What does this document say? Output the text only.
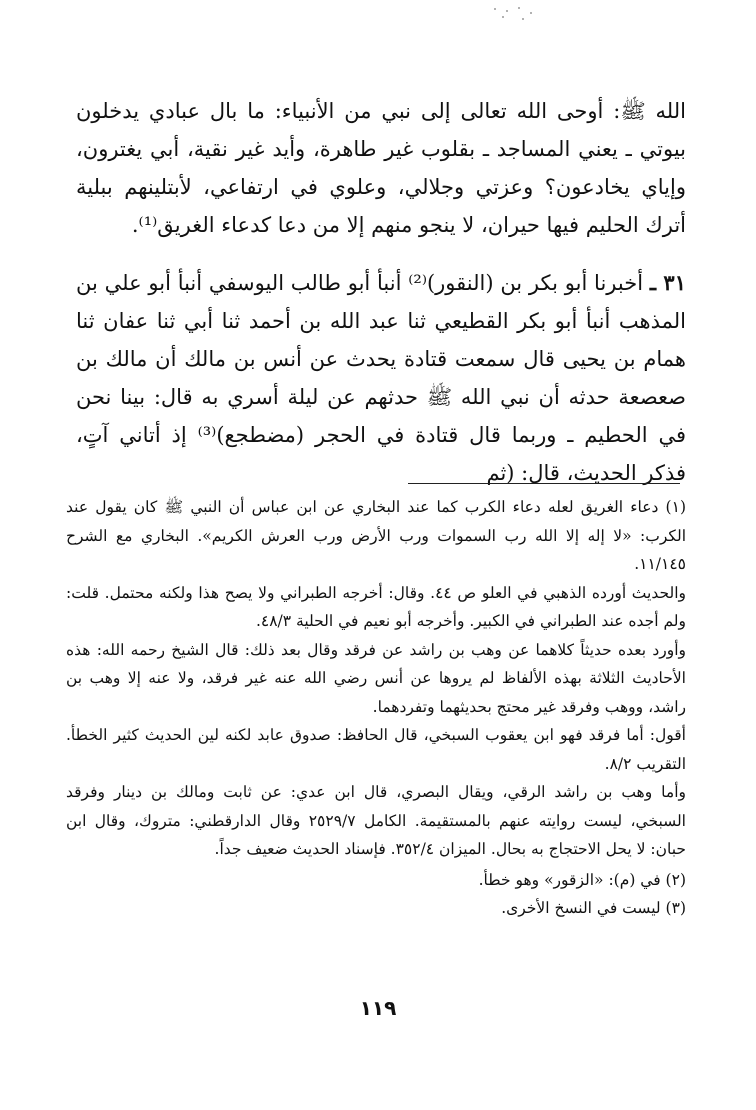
الله ﷺ: أوحى الله تعالى إلى نبي من الأنبياء: ما بال عبادي يدخلون بيوتي ـ يعني المساجد ـ بقلوب غير طاهرة، وأيد غير نقية، أبي يغترون، وإياي يخادعون؟ وعزتي وجلالي، وعلوي في ارتفاعي، لأبتلينهم ببلية أترك الحليم فيها حيران، لا ينجو منهم إلا من دعا كدعاء الغريق⁽¹⁾.

٣١ ـ أخبرنا أبو بكر بن (النقور)⁽²⁾ أنبأ أبو طالب اليوسفي أنبأ أبو علي بن المذهب أنبأ أبو بكر القطيعي ثنا عبد الله بن أحمد ثنا أبي ثنا عفان ثنا همام بن يحيى قال سمعت قتادة يحدث عن أنس بن مالك أن مالك بن صعصعة حدثه أن نبي الله ﷺ حدثهم عن ليلة أسري به قال: بينا نحن في الحطيم ـ وربما قال قتادة في الحجر (مضطجع)⁽³⁾ إذ أتاني آتٍ، فذكر الحديث، قال: (ثم

(١) دعاء الغريق لعله دعاء الكرب كما عند البخاري عن ابن عباس أن النبي ﷺ كان يقول عند الكرب: «لا إله إلا الله رب السموات ورب الأرض ورب العرش الكريم». البخاري مع الشرح ١١/١٤٥.

والحديث أورده الذهبي في العلو ص ٤٤. وقال: أخرجه الطبراني ولا يصح هذا ولكنه محتمل. قلت: ولم أجده عند الطبراني في الكبير. وأخرجه أبو نعيم في الحلية ٤٨/٣.

وأورد بعده حديثاً كلاهما عن وهب بن راشد عن فرقد وقال بعد ذلك: قال الشيخ رحمه الله: هذه الأحاديث الثلاثة بهذه الألفاظ لم يروها عن أنس رضي الله عنه غير فرقد، ولا عنه إلا وهب بن راشد، ووهب وفرقد غير محتج بحديثهما وتفردهما.

أقول: أما فرقد فهو ابن يعقوب السبخي، قال الحافظ: صدوق عابد لكنه لين الحديث كثير الخطأ. التقريب ٨/٢.

وأما وهب بن راشد الرقي، ويقال البصري، قال ابن عدي: عن ثابت ومالك بن دينار وفرقد السبخي، ليست روايته عنهم بالمستقيمة. الكامل ٢٥٢٩/٧ وقال الدارقطني: متروك، وقال ابن حبان: لا يحل الاحتجاج به بحال. الميزان ٣٥٢/٤. فإسناد الحديث ضعيف جداً.

(٢) في (م): «الزقور» وهو خطأ.

(٣) ليست في النسخ الأخرى.

١١٩
